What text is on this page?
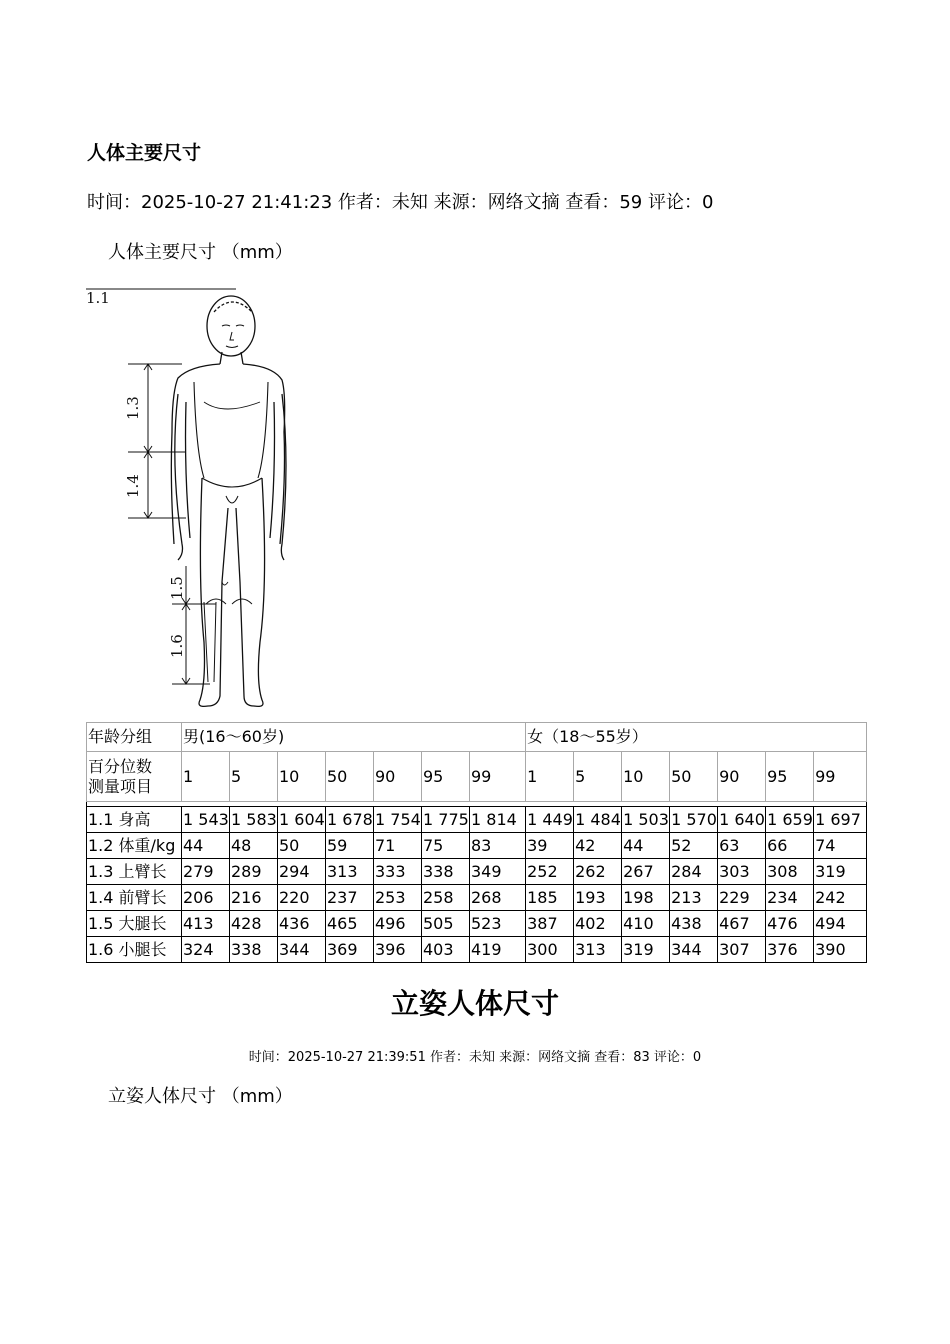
人体主要尺寸
时间：2025-10-27 21:41:23 作者：未知 来源：网络文摘 查看：59 评论：0
人体主要尺寸 （mm）
1.1
1.3
1.4
1.5
1.6
年龄分组	男(16～60岁)							女（18～55岁）						

百分位数
测量项目	1	5	10	50	90	95	99	1	5	10	50	90	95	99

1.1 身高	1 543	1 583	1 604	1 678	1 754	1 775	1 814	1 449	1 484	1 503	1 570	1 640	1 659	1 697
1.2 体重/kg	44	48	50	59	71	75	83	39	42	44	52	63	66	74
1.3 上臂长	279	289	294	313	333	338	349	252	262	267	284	303	308	319
1.4 前臂长	206	216	220	237	253	258	268	185	193	198	213	229	234	242
1.5 大腿长	413	428	436	465	496	505	523	387	402	410	438	467	476	494
1.6 小腿长	324	338	344	369	396	403	419	300	313	319	344	307	376	390
立姿人体尺寸
时间：2025-10-27 21:39:51 作者：未知 来源：网络文摘 查看：83 评论：0
立姿人体尺寸 （mm）
